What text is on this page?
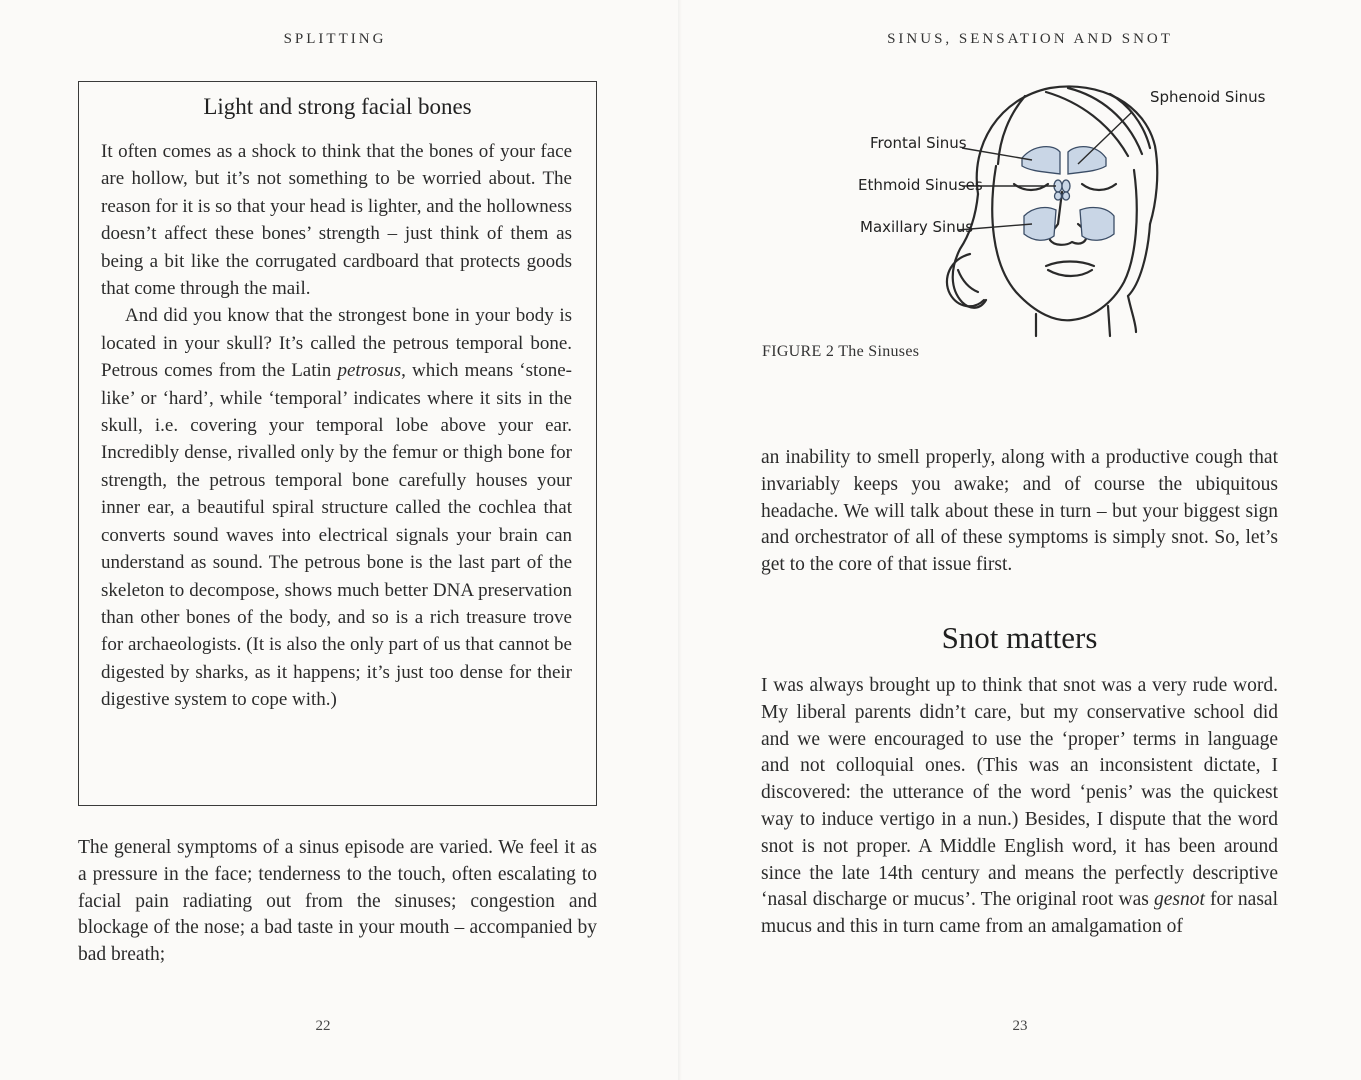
SPLITTING
Light and strong facial bones

It often comes as a shock to think that the bones of your face are hollow, but it’s not something to be worried about. The reason for it is so that your head is lighter, and the hollowness doesn’t affect these bones’ strength – just think of them as being a bit like the corrugated cardboard that protects goods that come through the mail.

And did you know that the strongest bone in your body is located in your skull? It’s called the petrous temporal bone. Petrous comes from the Latin petrosus, which means ‘stone-like’ or ‘hard’, while ‘temporal’ indicates where it sits in the skull, i.e. covering your temporal lobe above your ear. Incredibly dense, rivalled only by the femur or thigh bone for strength, the petrous temporal bone carefully houses your inner ear, a beautiful spiral structure called the cochlea that converts sound waves into electrical signals your brain can understand as sound. The petrous bone is the last part of the skeleton to decompose, shows much better DNA preservation than other bones of the body, and so is a rich treasure trove for archaeologists. (It is also the only part of us that cannot be digested by sharks, as it happens; it’s just too dense for their digestive system to cope with.)

The general symptoms of a sinus episode are varied. We feel it as a pressure in the face; tenderness to the touch, often escalating to facial pain radiating out from the sinuses; congestion and blockage of the nose; a bad taste in your mouth – accompanied by bad breath;

22
SINUS, SENSATION AND SNOT
Sphenoid Sinus
Frontal Sinus
Ethmoid Sinuses
Maxillary Sinus
FIGURE 2 The Sinuses

an inability to smell properly, along with a productive cough that invariably keeps you awake; and of course the ubiquitous headache. We will talk about these in turn – but your biggest sign and orchestrator of all of these symptoms is simply snot. So, let’s get to the core of that issue first.

Snot matters

I was always brought up to think that snot was a very rude word. My liberal parents didn’t care, but my conservative school did and we were encouraged to use the ‘proper’ terms in language and not colloquial ones. (This was an inconsistent dictate, I discovered: the utterance of the word ‘penis’ was the quickest way to induce vertigo in a nun.) Besides, I dispute that the word snot is not proper. A Middle English word, it has been around since the late 14th century and means the perfectly descriptive ‘nasal discharge or mucus’. The original root was gesnot for nasal mucus and this in turn came from an amalgamation of

23
